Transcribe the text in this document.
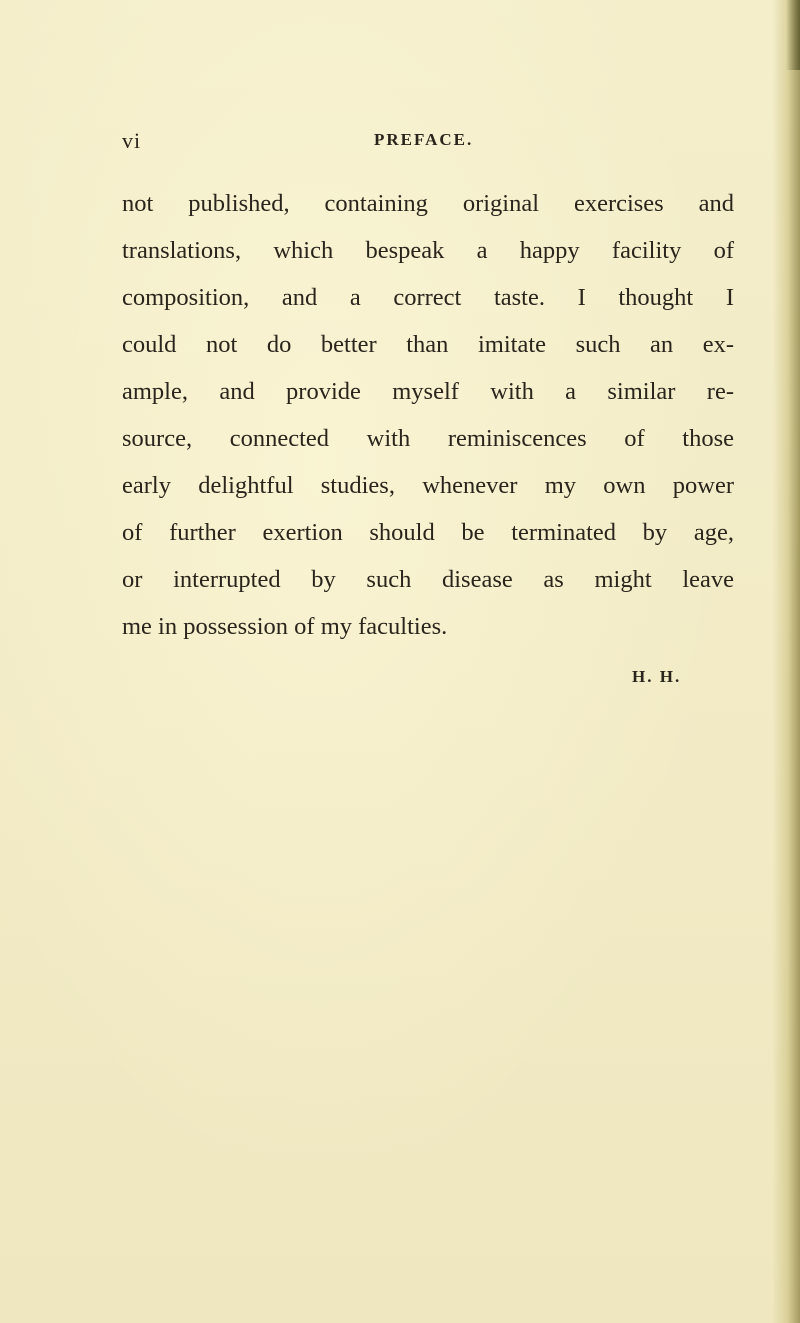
vi	PREFACE.
not published, containing original exercises and
translations, which bespeak a happy facility of
composition, and a correct taste. I thought I
could not do better than imitate such an ex-
ample, and provide myself with a similar re-
source, connected with reminiscences of those
early delightful studies, whenever my own power
of further exertion should be terminated by age,
or interrupted by such disease as might leave
me in possession of my faculties.
H. H.
